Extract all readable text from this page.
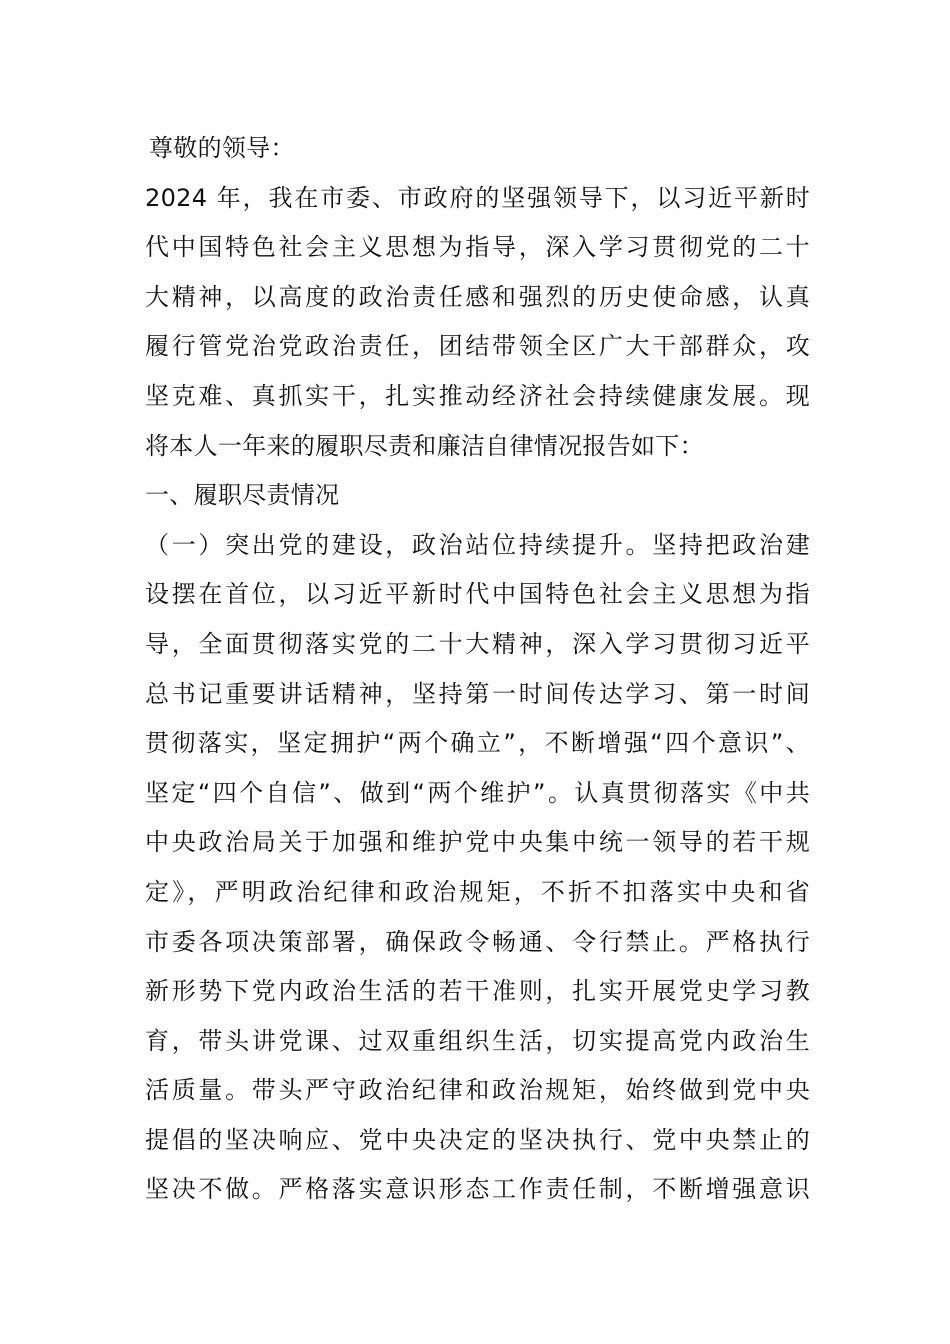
尊敬的领导：
2024 年，我在市委、市政府的坚强领导下，以习近平新时
代中国特色社会主义思想为指导，深入学习贯彻党的二十
大精神，以高度的政治责任感和强烈的历史使命感，认真
履行管党治党政治责任，团结带领全区广大干部群众，攻
坚克难、真抓实干，扎实推动经济社会持续健康发展。现
将本人一年来的履职尽责和廉洁自律情况报告如下：
一、履职尽责情况
（一）突出党的建设，政治站位持续提升。坚持把政治建
设摆在首位，以习近平新时代中国特色社会主义思想为指
导，全面贯彻落实党的二十大精神，深入学习贯彻习近平
总书记重要讲话精神，坚持第一时间传达学习、第一时间
贯彻落实，坚定拥护“两个确立”，不断增强“四个意识”、
坚定“四个自信”、做到“两个维护”。认真贯彻落实《中共
中央政治局关于加强和维护党中央集中统一领导的若干规
定》，严明政治纪律和政治规矩，不折不扣落实中央和省
市委各项决策部署，确保政令畅通、令行禁止。严格执行
新形势下党内政治生活的若干准则，扎实开展党史学习教
育，带头讲党课、过双重组织生活，切实提高党内政治生
活质量。带头严守政治纪律和政治规矩，始终做到党中央
提倡的坚决响应、党中央决定的坚决执行、党中央禁止的
坚决不做。严格落实意识形态工作责任制，不断增强意识
